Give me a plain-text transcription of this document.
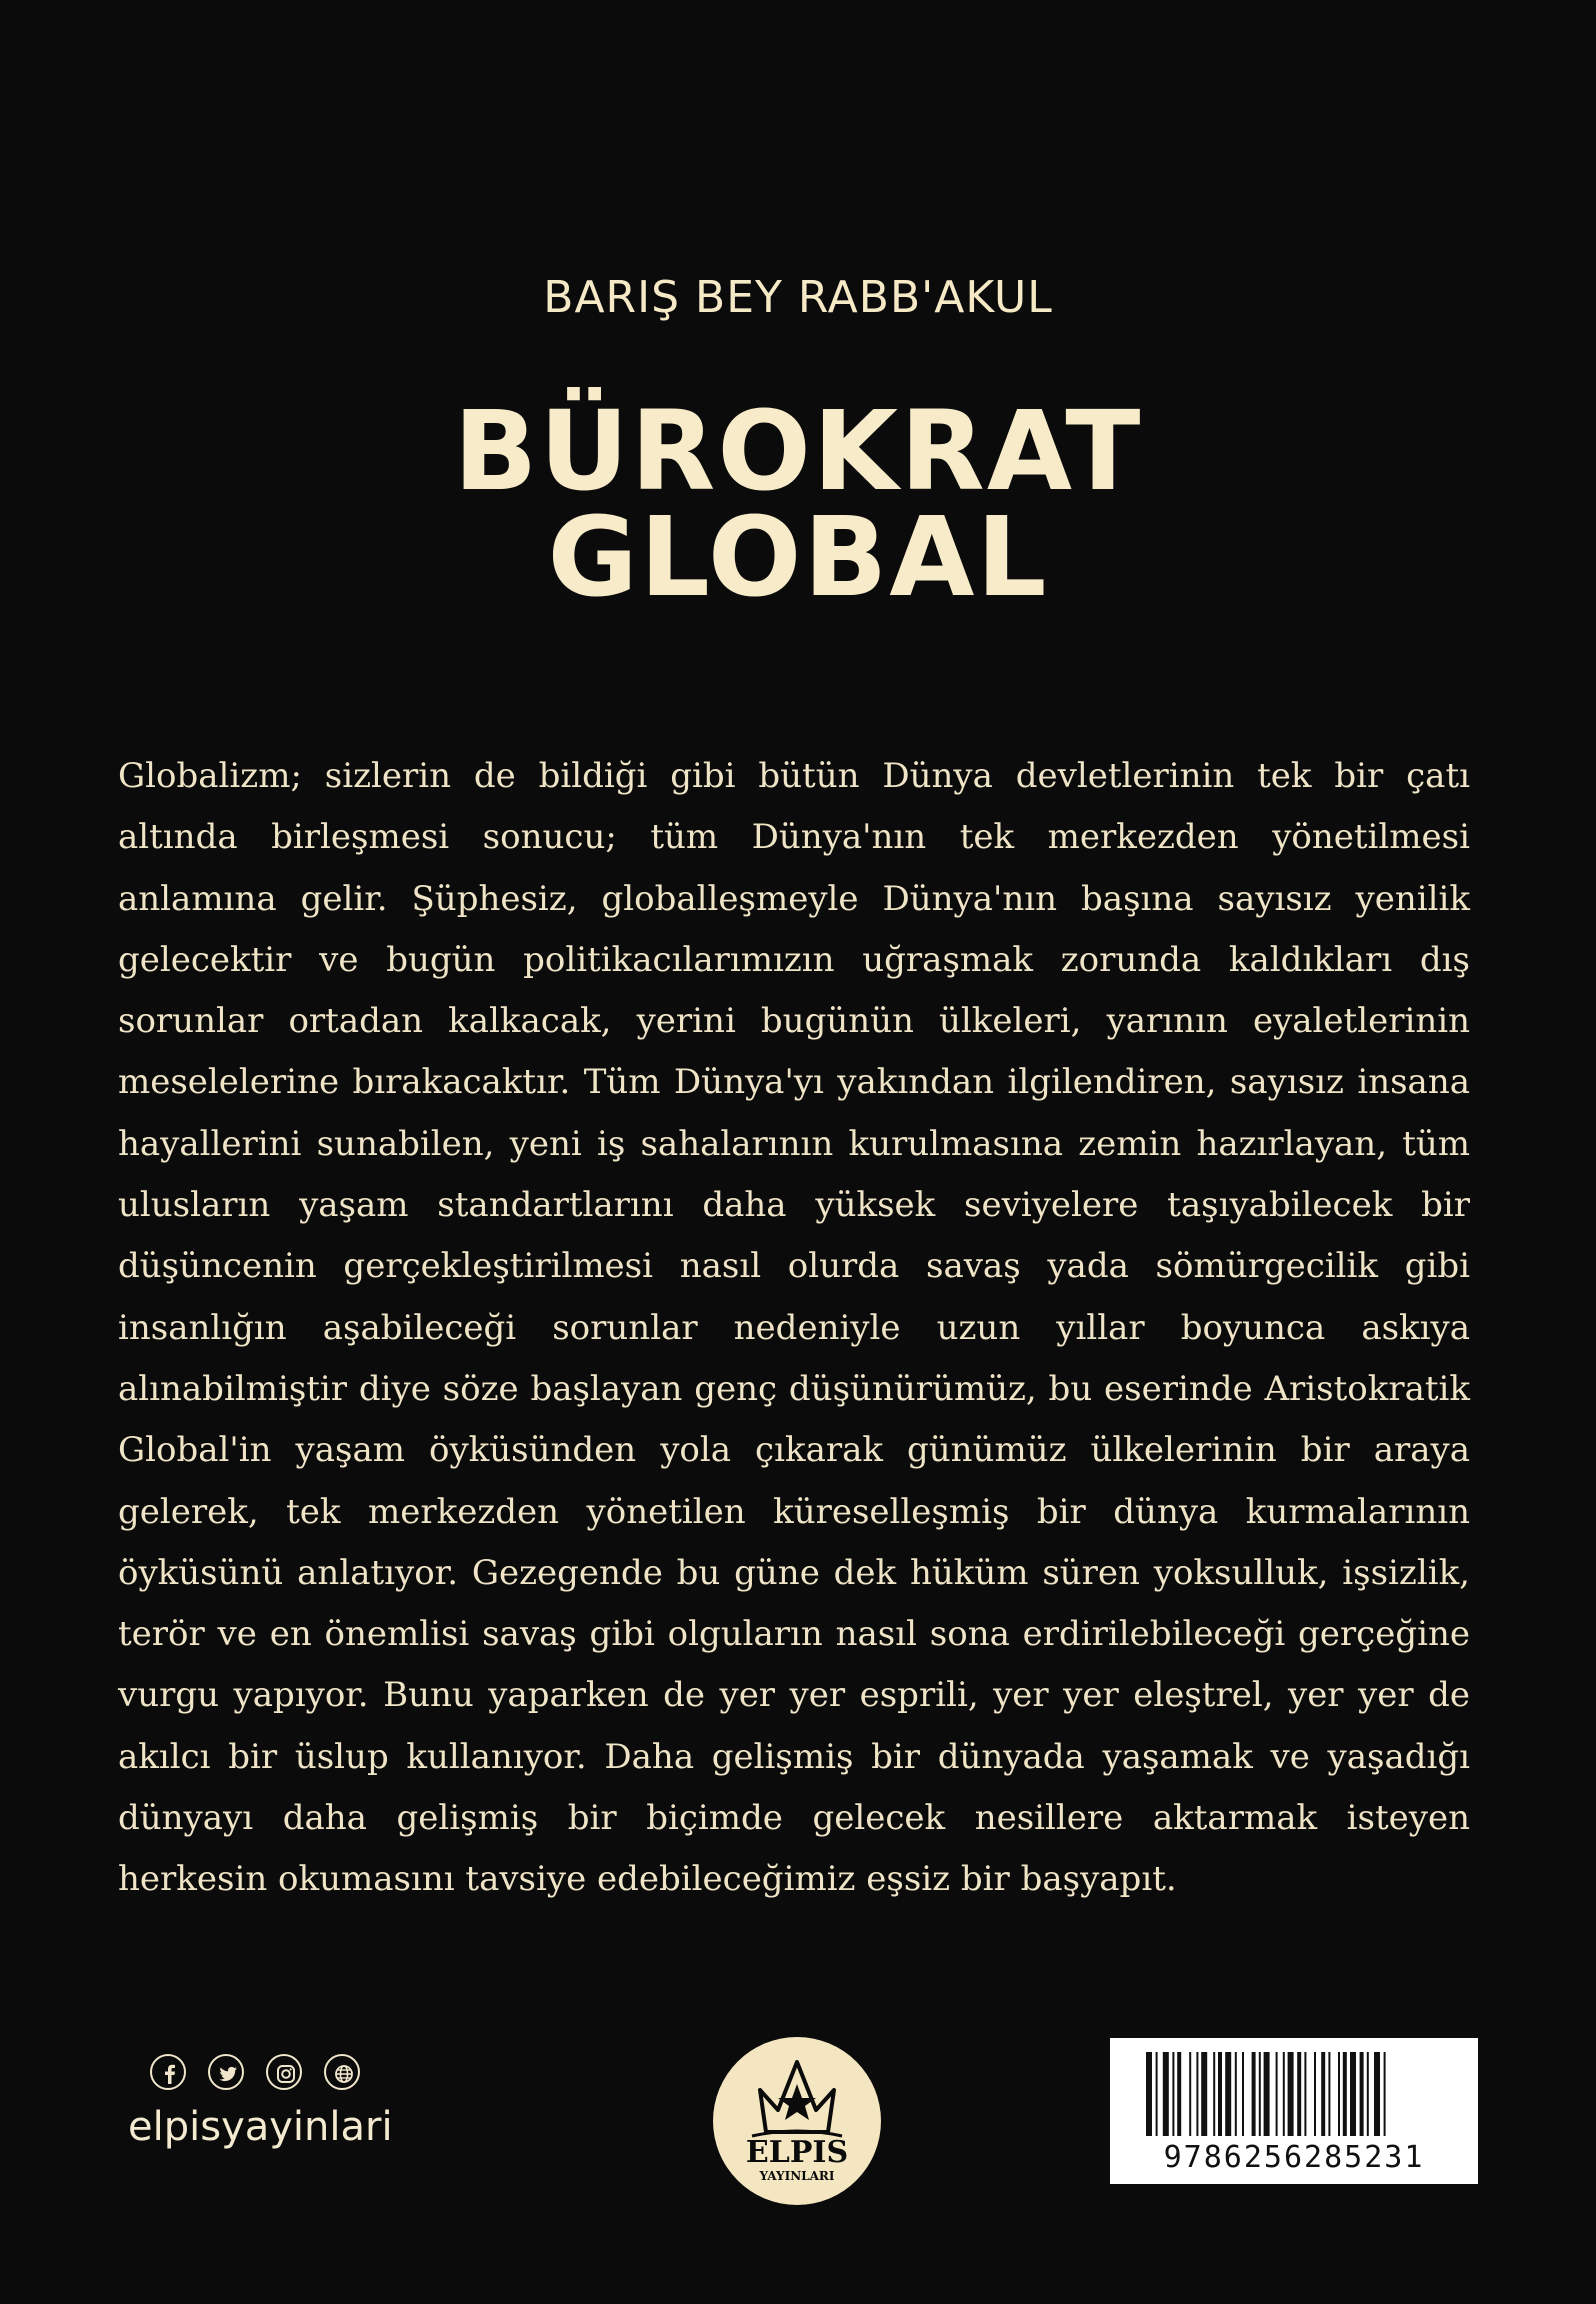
BARIŞ BEY RABB'AKUL
BÜROKRAT
GLOBAL

Globalizm; sizlerin de bildiği gibi bütün Dünya devletlerinin tek bir çatı altında birleşmesi sonucu; tüm Dünya'nın tek merkezden yönetilmesi anlamına gelir. Şüphesiz, globalleşmeyle Dünya'nın başına sayısız yenilik gelecektir ve bugün politikacılarımızın uğraşmak zorunda kaldıkları dış sorunlar ortadan kalkacak, yerini bugünün ülkeleri, yarının eyaletlerinin meselelerine bırakacaktır. Tüm Dünya'yı yakından ilgilendiren, sayısız insana hayallerini sunabilen, yeni iş sahalarının kurulmasına zemin hazırlayan, tüm ulusların yaşam standartlarını daha yüksek seviyelere taşıyabilecek bir düşüncenin gerçekleştirilmesi nasıl olurda savaş yada sömürgecilik gibi insanlığın aşabileceği sorunlar nedeniyle uzun yıllar boyunca askıya alınabilmiştir diye söze başlayan genç düşünürümüz, bu eserinde Aristokratik Global'in yaşam öyküsünden yola çıkarak günümüz ülkelerinin bir araya gelerek, tek merkezden yönetilen küreselleşmiş bir dünya kurmalarının öyküsünü anlatıyor. Gezegende bu güne dek hüküm süren yoksulluk, işsizlik, terör ve en önemlisi savaş gibi olguların nasıl sona erdirilebileceği gerçeğine vurgu yapıyor. Bunu yaparken de yer yer esprili, yer yer eleştrel, yer yer de akılcı bir üslup kullanıyor. Daha gelişmiş bir dünyada yaşamak ve yaşadığı dünyayı daha gelişmiş bir biçimde gelecek nesillere aktarmak isteyen herkesin okumasını tavsiye edebileceğimiz eşsiz bir başyapıt.

elpisyayinlari
ELPIS
YAYINLARI
9786256285231
